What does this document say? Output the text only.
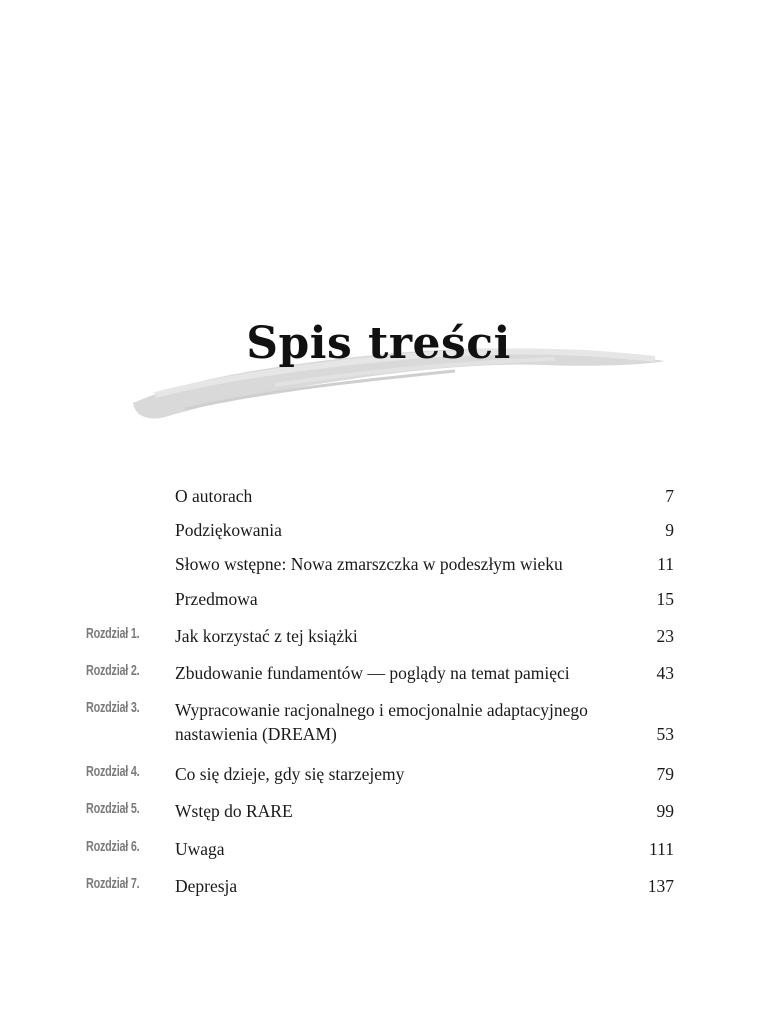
Spis treści
O autorach	7
Podziękowania	9
Słowo wstępne: Nowa zmarszczka w podeszłym wieku	11
Przedmowa	15
Rozdział 1. Jak korzystać z tej książki	23
Rozdział 2. Zbudowanie fundamentów — poglądy na temat pamięci	43
Rozdział 3. Wypracowanie racjonalnego i emocjonalnie adaptacyjnego
nastawienia (DREAM)	53
Rozdział 4. Co się dzieje, gdy się starzejemy	79
Rozdział 5. Wstęp do RARE	99
Rozdział 6. Uwaga	111
Rozdział 7. Depresja	137
